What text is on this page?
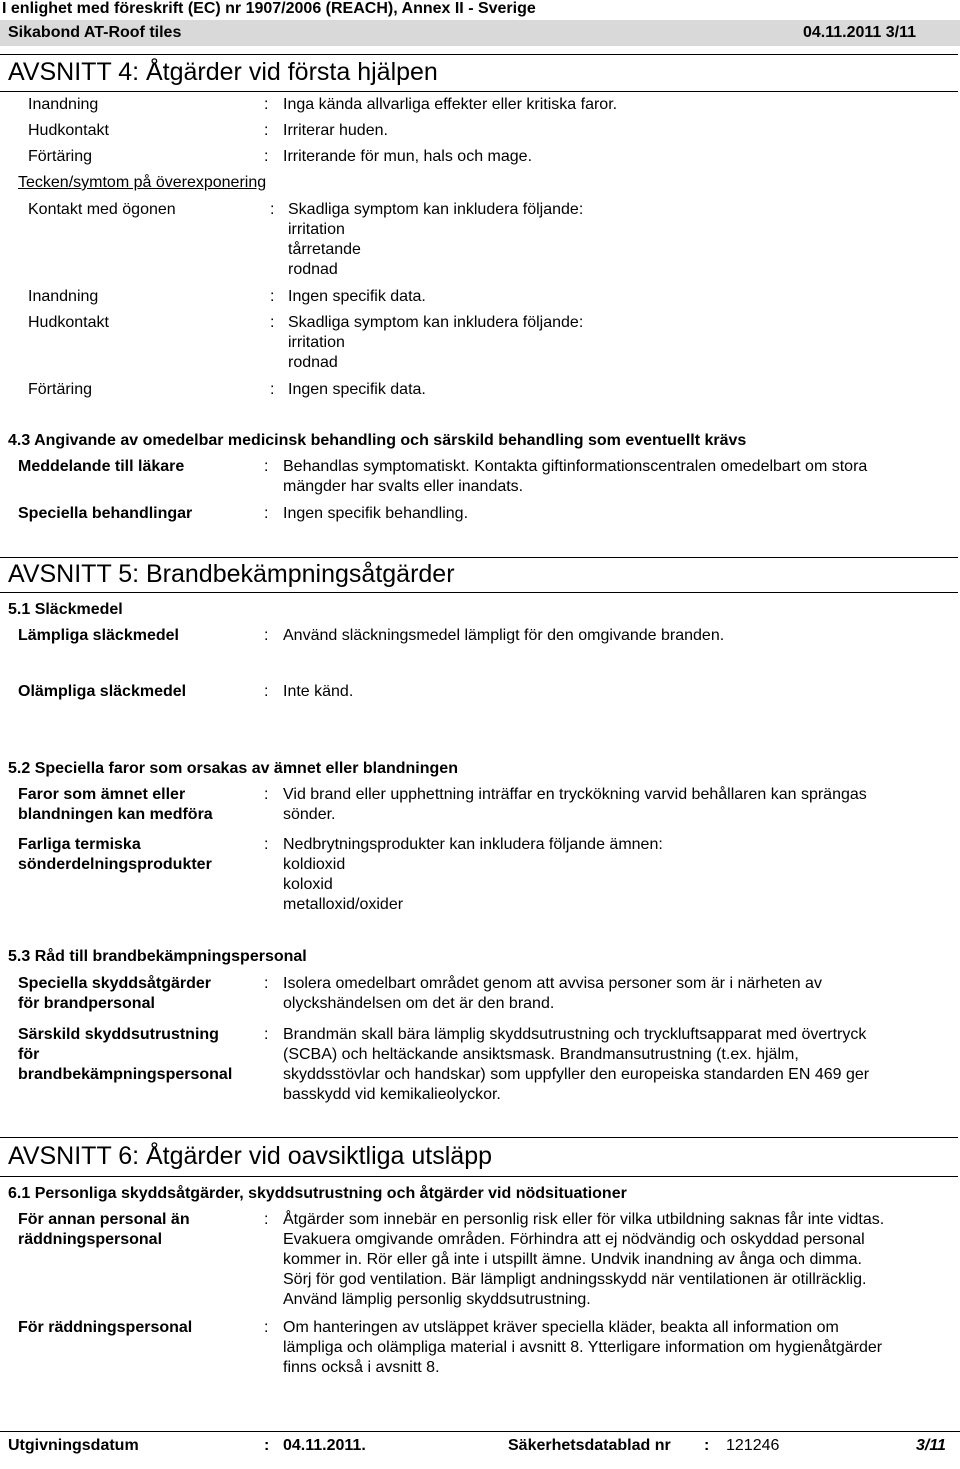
I enlighet med föreskrift (EC) nr 1907/2006 (REACH), Annex II - Sverige
Sikabond AT-Roof tiles	04.11.2011 3/11
AVSNITT 4: Åtgärder vid första hjälpen
Inandning	: Inga kända allvarliga effekter eller kritiska faror.
Hudkontakt	: Irriterar huden.
Förtäring	: Irriterande för mun, hals och mage.
Tecken/symtom på överexponering
Kontakt med ögonen	: Skadliga symptom kan inkludera följande:
irritation
tårretande
rodnad
Inandning	: Ingen specifik data.
Hudkontakt	: Skadliga symptom kan inkludera följande:
irritation
rodnad
Förtäring	: Ingen specifik data.
4.3 Angivande av omedelbar medicinsk behandling och särskild behandling som eventuellt krävs
Meddelande till läkare	: Behandlas symptomatiskt. Kontakta giftinformationscentralen omedelbart om stora
mängder har svalts eller inandats.
Speciella behandlingar	: Ingen specifik behandling.
AVSNITT 5: Brandbekämpningsåtgärder
5.1 Släckmedel
Lämpliga släckmedel	: Använd släckningsmedel lämpligt för den omgivande branden.
Olämpliga släckmedel	: Inte känd.
5.2 Speciella faror som orsakas av ämnet eller blandningen
Faror som ämnet eller
blandningen kan medföra
: Vid brand eller upphettning inträffar en tryckökning varvid behållaren kan sprängas
sönder.
Farliga termiska
sönderdelningsprodukter
: Nedbrytningsprodukter kan inkludera följande ämnen:
koldioxid
koloxid
metalloxid/oxider
5.3 Råd till brandbekämpningspersonal
Speciella skyddsåtgärder
för brandpersonal
: Isolera omedelbart området genom att avvisa personer som är i närheten av
olyckshändelsen om det är den brand.
Särskild skyddsutrustning
för
brandbekämpningspersonal
: Brandmän skall bära lämplig skyddsutrustning och tryckluftsapparat med övertryck
(SCBA) och heltäckande ansiktsmask. Brandmansutrustning (t.ex. hjälm,
skyddsstövlar och handskar) som uppfyller den europeiska standarden EN 469 ger
basskydd vid kemikalieolyckor.
AVSNITT 6: Åtgärder vid oavsiktliga utsläpp
6.1 Personliga skyddsåtgärder, skyddsutrustning och åtgärder vid nödsituationer
För annan personal än
räddningspersonal
: Åtgärder som innebär en personlig risk eller för vilka utbildning saknas får inte vidtas.
Evakuera omgivande områden. Förhindra att ej nödvändig och oskyddad personal
kommer in. Rör eller gå inte i utspillt ämne. Undvik inandning av ånga och dimma.
Sörj för god ventilation. Bär lämpligt andningsskydd när ventilationen är otillräcklig.
Använd lämplig personlig skyddsutrustning.
För räddningspersonal	: Om hanteringen av utsläppet kräver speciella kläder, beakta all information om
lämpliga och olämpliga material i avsnitt 8. Ytterligare information om hygienåtgärder
finns också i avsnitt 8.
Utgivningsdatum	: 04.11.2011.	Säkerhetsdatablad nr : 121246	3/11
